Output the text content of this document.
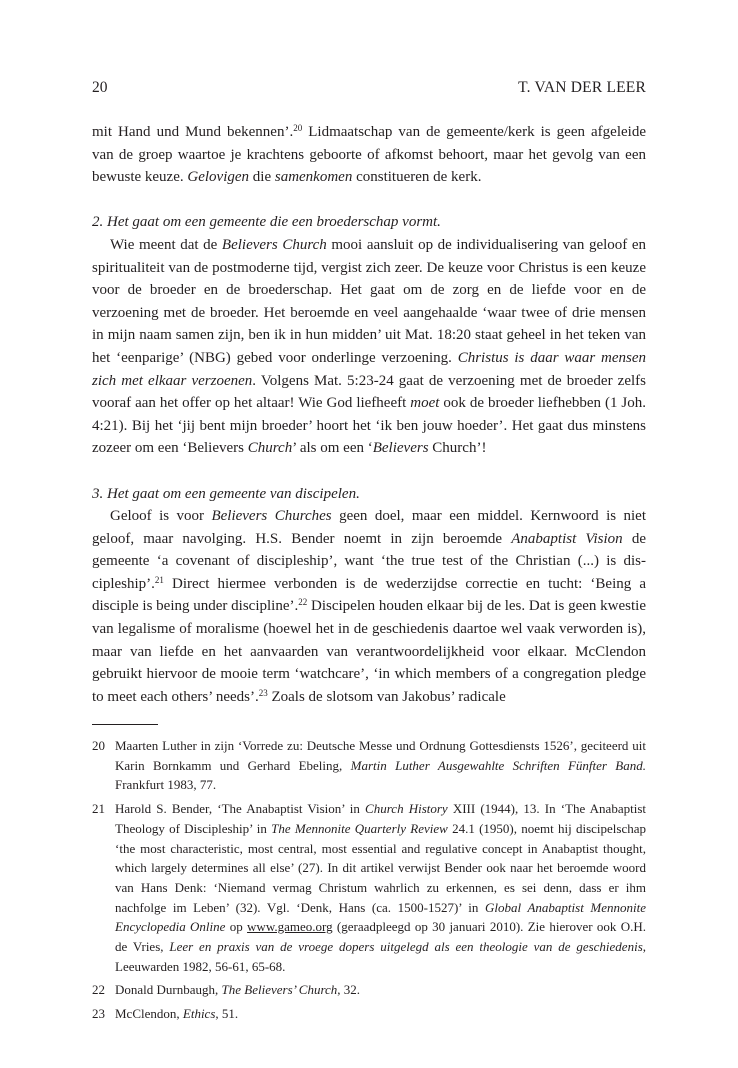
20	T. VAN DER LEER

mit Hand und Mund bekennen’.$^{20}$ Lidmaatschap van de gemeente/kerk is geen afgeleide van de groep waartoe je krachtens geboorte of afkomst behoort, maar het gevolg van een bewuste keuze. Gelovigen die samenkomen constitueren de kerk.

2. Het gaat om een gemeente die een broederschap vormt.

Wie meent dat de Believers Church mooi aansluit op de individualisering van geloof en spiritualiteit van de postmoderne tijd, vergist zich zeer. De keuze voor Christus is een keuze voor de broeder en de broederschap. Het gaat om de zorg en de liefde voor en de verzoening met de broeder. Het beroemde en veel aangehaalde ‘waar twee of drie mensen in mijn naam samen zijn, ben ik in hun midden’ uit Mat. 18:20 staat geheel in het teken van het ‘eenparige’ (NBG) gebed voor onderlinge verzoening. Christus is daar waar mensen zich met elkaar verzoenen. Volgens Mat. 5:23-24 gaat de verzoening met de broeder zelfs vooraf aan het offer op het altaar! Wie God liefheeft moet ook de broeder liefhebben (1 Joh. 4:21). Bij het ‘jij bent mijn broeder’ hoort het ‘ik ben jouw hoeder’. Het gaat dus minstens zozeer om een ‘Believers Church’ als om een ‘Believers Church’!

3. Het gaat om een gemeente van discipelen.

Geloof is voor Believers Churches geen doel, maar een middel. Kernwoord is niet geloof, maar navolging. H.S. Bender noemt in zijn beroemde Anabaptist Vision de gemeente ‘a covenant of discipleship’, want ‘the true test of the Christian (...) is discipleship’.$^{21}$ Direct hiermee verbonden is de wederzijdse correctie en tucht: ‘Being a disciple is being under discipline’.$^{22}$ Discipelen houden elkaar bij de les. Dat is geen kwestie van legalisme of moralisme (hoewel het in de geschiedenis daartoe wel vaak verworden is), maar van liefde en het aanvaarden van verantwoordelijkheid voor elkaar. McClendon gebruikt hiervoor de mooie term ‘watchcare’, ‘in which members of a congregation pledge to meet each others’ needs’.$^{23}$ Zoals de slotsom van Jakobus’ radicale

20 Maarten Luther in zijn ‘Vorrede zu: Deutsche Messe und Ordnung Gottesdiensts 1526’, geciteerd uit Karin Bornkamm und Gerhard Ebeling, Martin Luther Ausgewahlte Schriften Fünfter Band. Frankfurt 1983, 77.
21 Harold S. Bender, ‘The Anabaptist Vision’ in Church History XIII (1944), 13. In ‘The Anabaptist Theology of Discipleship’ in The Mennonite Quarterly Review 24.1 (1950), noemt hij discipelschap ‘the most characteristic, most central, most essential and regulative concept in Anabaptist thought, which largely determines all else’ (27). In dit artikel verwijst Bender ook naar het beroemde woord van Hans Denk: ‘Niemand vermag Christum wahrlich zu erkennen, es sei denn, dass er ihm nachfolge im Leben’ (32). Vgl. ‘Denk, Hans (ca. 1500-1527)’ in Global Anabaptist Mennonite Encyclopedia Online op www.gameo.org (geraadpleegd op 30 januari 2010). Zie hierover ook O.H. de Vries, Leer en praxis van de vroege dopers uitgelegd als een theologie van de geschiedenis, Leeuwarden 1982, 56-61, 65-68.
22 Donald Durnbaugh, The Believers’ Church, 32.
23 McClendon, Ethics, 51.
